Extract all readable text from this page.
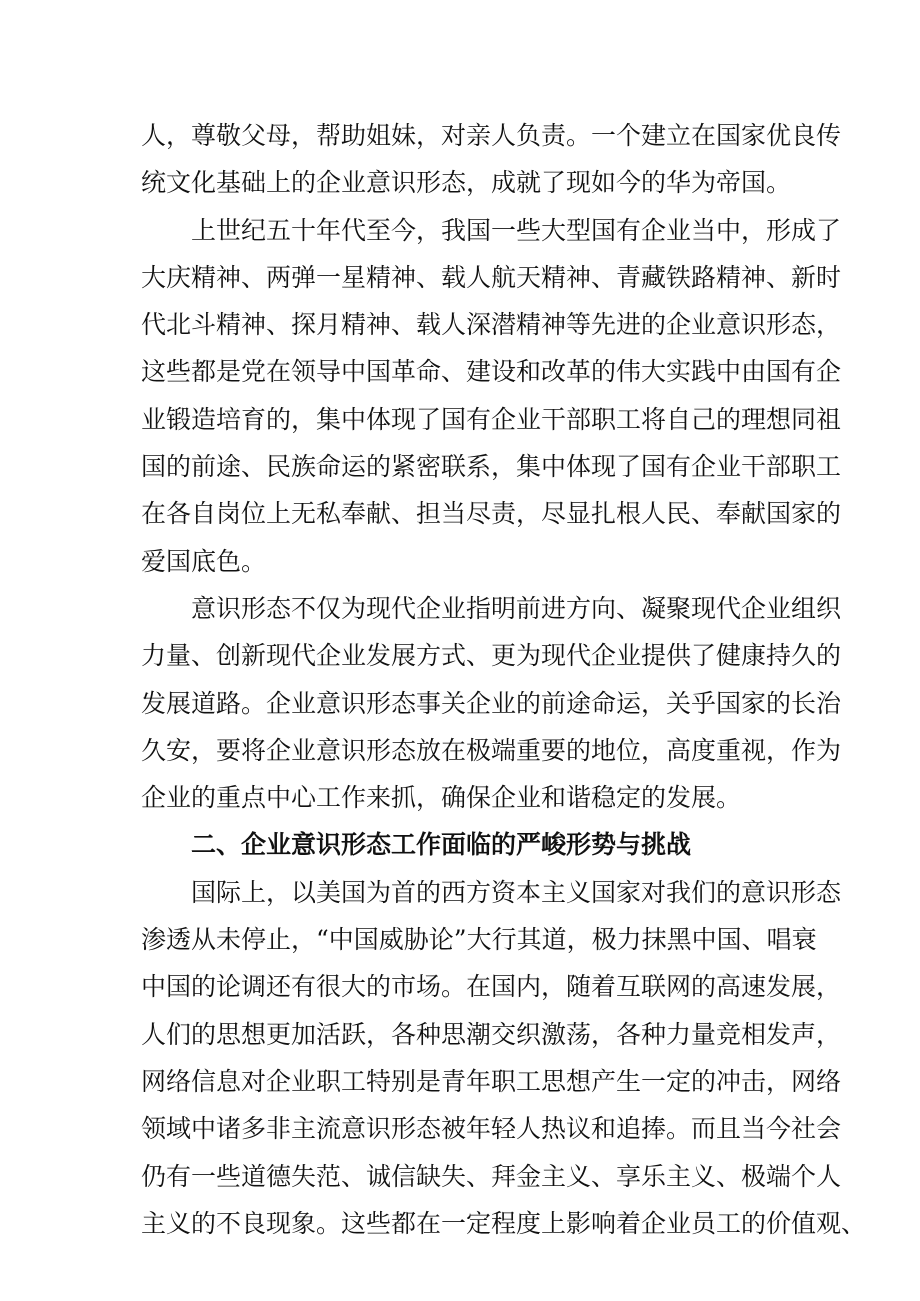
人，尊敬父母，帮助姐妹，对亲人负责。一个建立在国家优良传
统文化基础上的企业意识形态，成就了现如今的华为帝国。
上世纪五十年代至今，我国一些大型国有企业当中，形成了
大庆精神、两弹一星精神、载人航天精神、青藏铁路精神、新时
代北斗精神、探月精神、载人深潜精神等先进的企业意识形态，
这些都是党在领导中国革命、建设和改革的伟大实践中由国有企
业锻造培育的，集中体现了国有企业干部职工将自己的理想同祖
国的前途、民族命运的紧密联系，集中体现了国有企业干部职工
在各自岗位上无私奉献、担当尽责，尽显扎根人民、奉献国家的
爱国底色。
意识形态不仅为现代企业指明前进方向、凝聚现代企业组织
力量、创新现代企业发展方式、更为现代企业提供了健康持久的
发展道路。企业意识形态事关企业的前途命运，关乎国家的长治
久安，要将企业意识形态放在极端重要的地位，高度重视，作为
企业的重点中心工作来抓，确保企业和谐稳定的发展。
二、企业意识形态工作面临的严峻形势与挑战
国际上，以美国为首的西方资本主义国家对我们的意识形态
渗透从未停止，“中国威胁论”大行其道，极力抹黑中国、唱衰
中国的论调还有很大的市场。在国内，随着互联网的高速发展，
人们的思想更加活跃，各种思潮交织激荡，各种力量竞相发声，
网络信息对企业职工特别是青年职工思想产生一定的冲击，网络
领域中诸多非主流意识形态被年轻人热议和追捧。而且当今社会
仍有一些道德失范、诚信缺失、拜金主义、享乐主义、极端个人
主义的不良现象。这些都在一定程度上影响着企业员工的价值观、
